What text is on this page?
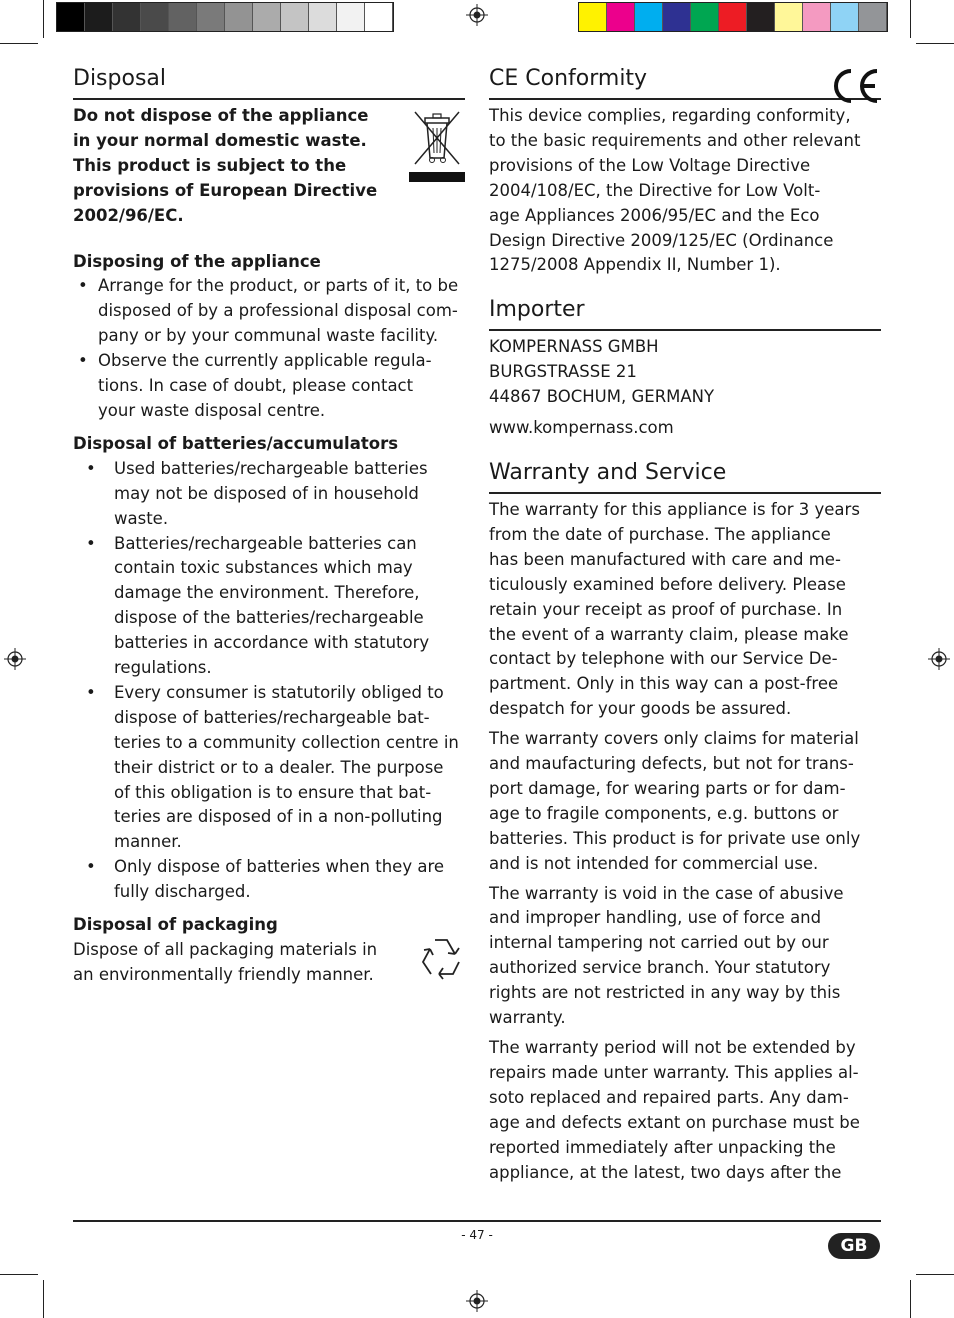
Disposal

Do not dispose of the appliance

in your normal domestic waste.

This product is subject to the

provisions of European Directive

2002/96/EC.

Disposing of the appliance

• Arrange for the product, or parts of it, to be
disposed of by a professional disposal com-
pany or by your communal waste facility.
• Observe the currently applicable regula-
tions. In case of doubt, please contact
your waste disposal centre.

Disposal of batteries/accumulators

• Used batteries/rechargeable batteries
may not be disposed of in household
waste.
• Batteries/rechargeable batteries can
contain toxic substances which may
damage the environment. Therefore,
dispose of the batteries/rechargeable
batteries in accordance with statutory
regulations.
• Every consumer is statutorily obliged to
dispose of batteries/rechargeable bat-
teries to a community collection centre in
their district or to a dealer. The purpose
of this obligation is to ensure that bat-
teries are disposed of in a non-polluting
manner.
• Only dispose of batteries when they are
fully discharged.

Disposal of packaging

Dispose of all packaging materials in

an environmentally friendly manner.

CE Conformity

This device complies, regarding conformity,

to the basic requirements and other relevant

provisions of the Low Voltage Directive

2004/108/EC, the Directive for Low Volt-

age Appliances 2006/95/EC and the Eco

Design Directive 2009/125/EC (Ordinance

1275/2008 Appendix II, Number 1).

Importer

KOMPERNASS GMBH

BURGSTRASSE 21

44867 BOCHUM, GERMANY

www.kompernass.com

Warranty and Service

The warranty for this appliance is for 3 years

from the date of purchase. The appliance

has been manufactured with care and me-

ticulously examined before delivery. Please

retain your receipt as proof of purchase. In

the event of a warranty claim, please make

contact by telephone with our Service De-

partment. Only in this way can a post-free

despatch for your goods be assured.

The warranty covers only claims for material

and maufacturing defects, but not for trans-

port damage, for wearing parts or for dam-

age to fragile components, e.g. buttons or

batteries. This product is for private use only

and is not intended for commercial use.

The warranty is void in the case of abusive

and improper handling, use of force and

internal tampering not carried out by our

authorized service branch. Your statutory

rights are not restricted in any way by this

warranty.

The warranty period will not be extended by

repairs made unter warranty. This applies al-

soto replaced and repaired parts. Any dam-

age and defects extant on purchase must be

reported immediately after unpacking the

appliance, at the latest, two days after the

- 47 -
GB
